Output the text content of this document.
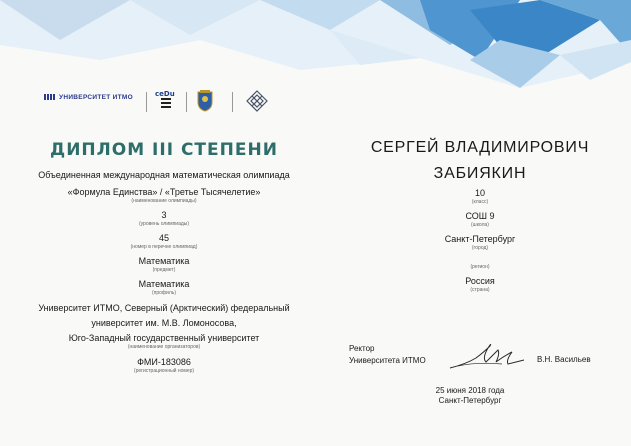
УНИВЕРСИТЕТ ИТМО	ceDu
ДИПЛОМ III СТЕПЕНИ
Объединенная международная математическая олимпиада
«Формула Единства» / «Третье Тысячелетие»
(наименование олимпиады)
3
(уровень олимпиады)
45
(номер в перечне олимпиад)
Математика
(предмет)
Математика
(профиль)
Университет ИТМО, Северный (Арктический) федеральный
университет им. М.В. Ломоносова,
Юго-Западный государственный университет
(наименование организаторов)
ФМИ-183086
(регистрационный номер)
СЕРГЕЙ ВЛАДИМИРОВИЧ
ЗАБИЯКИН
10
(класс)
СОШ 9
(школа)
Санкт-Петербург
(город)
(регион)
Россия
(страна)
Ректор
Университета ИТМО	В.Н. Васильев
25 июня 2018 года
Санкт-Петербург
